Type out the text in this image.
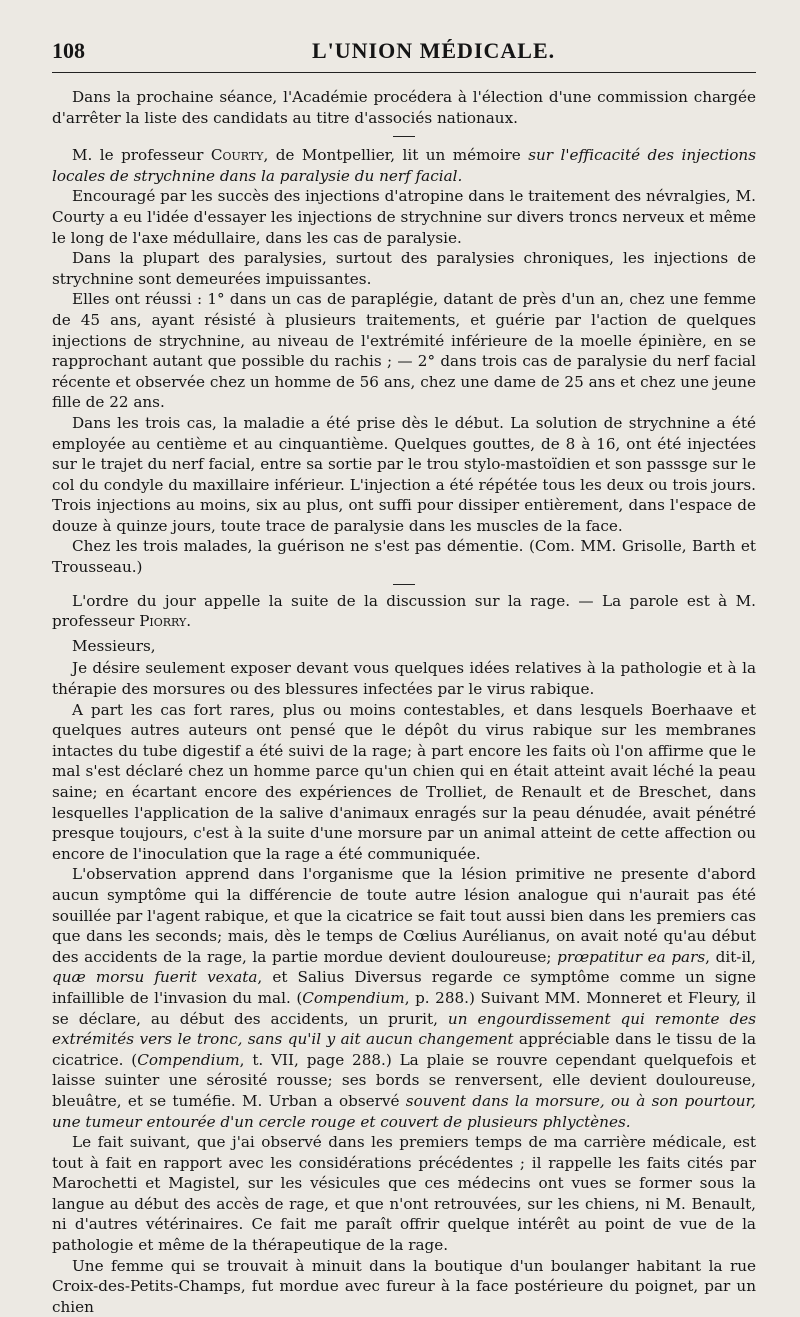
108	L'UNION MÉDICALE.

Dans la prochaine séance, l'Académie procédera à l'élection d'une commission chargée d'arrêter la liste des candidats au titre d'associés nationaux.

M. le professeur Courty, de Montpellier, lit un mémoire sur l'efficacité des injections locales de strychnine dans la paralysie du nerf facial.

Encouragé par les succès des injections d'atropine dans le traitement des névralgies, M. Courty a eu l'idée d'essayer les injections de strychnine sur divers troncs nerveux et même le long de l'axe médullaire, dans les cas de paralysie.

Dans la plupart des paralysies, surtout des paralysies chroniques, les injections de strychnine sont demeurées impuissantes.

Elles ont réussi : 1° dans un cas de paraplégie, datant de près d'un an, chez une femme de 45 ans, ayant résisté à plusieurs traitements, et guérie par l'action de quelques injections de strychnine, au niveau de l'extrémité inférieure de la moelle épinière, en se rapprochant autant que possible du rachis ; — 2° dans trois cas de paralysie du nerf facial récente et observée chez un homme de 56 ans, chez une dame de 25 ans et chez une jeune fille de 22 ans.

Dans les trois cas, la maladie a été prise dès le début. La solution de strychnine a été employée au centième et au cinquantième. Quelques gouttes, de 8 à 16, ont été injectées sur le trajet du nerf facial, entre sa sortie par le trou stylo-mastoïdien et son passsge sur le col du condyle du maxillaire inférieur. L'injection a été répétée tous les deux ou trois jours. Trois injections au moins, six au plus, ont suffi pour dissiper entièrement, dans l'espace de douze à quinze jours, toute trace de paralysie dans les muscles de la face.

Chez les trois malades, la guérison ne s'est pas démentie. (Com. MM. Grisolle, Barth et Trousseau.)

L'ordre du jour appelle la suite de la discussion sur la rage. — La parole est à M. professeur Piorry.

Messieurs,

Je désire seulement exposer devant vous quelques idées relatives à la pathologie et à la thérapie des morsures ou des blessures infectées par le virus rabique.

A part les cas fort rares, plus ou moins contestables, et dans lesquels Boerhaave et quelques autres auteurs ont pensé que le dépôt du virus rabique sur les membranes intactes du tube digestif a été suivi de la rage; à part encore les faits où l'on affirme que le mal s'est déclaré chez un homme parce qu'un chien qui en était atteint avait léché la peau saine; en écartant encore des expériences de Trolliet, de Renault et de Breschet, dans lesquelles l'application de la salive d'animaux enragés sur la peau dénudée, avait pénétré presque toujours, c'est à la suite d'une morsure par un animal atteint de cette affection ou encore de l'inoculation que la rage a été communiquée.

L'observation apprend dans l'organisme que la lésion primitive ne presente d'abord aucun symptôme qui la différencie de toute autre lésion analogue qui n'aurait pas été souillée par l'agent rabique, et que la cicatrice se fait tout aussi bien dans les premiers cas que dans les seconds; mais, dès le temps de Cœlius Aurélianus, on avait noté qu'au début des accidents de la rage, la partie mordue devient douloureuse; prœpatitur ea pars, dit-il, quæ morsu fuerit vexata, et Salius Diversus regarde ce symptôme comme un signe infaillible de l'invasion du mal. (Compendium, p. 288.) Suivant MM. Monneret et Fleury, il se déclare, au début des accidents, un prurit, un engourdissement qui remonte des extrémités vers le tronc, sans qu'il y ait aucun changement appréciable dans le tissu de la cicatrice. (Compendium, t. VII, page 288.) La plaie se rouvre cependant quelquefois et laisse suinter une sérosité rousse; ses bords se renversent, elle devient douloureuse, bleuâtre, et se tuméfie. M. Urban a observé souvent dans la morsure, ou à son pourtour, une tumeur entourée d'un cercle rouge et couvert de plusieurs phlyctènes.

Le fait suivant, que j'ai observé dans les premiers temps de ma carrière médicale, est tout à fait en rapport avec les considérations précédentes ; il rappelle les faits cités par Marochetti et Magistel, sur les vésicules que ces médecins ont vues se former sous la langue au début des accès de rage, et que n'ont retrouvées, sur les chiens, ni M. Benault, ni d'autres vétérinaires. Ce fait me paraît offrir quelque intérêt au point de vue de la pathologie et même de la thérapeutique de la rage.

Une femme qui se trouvait à minuit dans la boutique d'un boulanger habitant la rue Croix-des-Petits-Champs, fut mordue avec fureur à la face postérieure du poignet, par un chien
